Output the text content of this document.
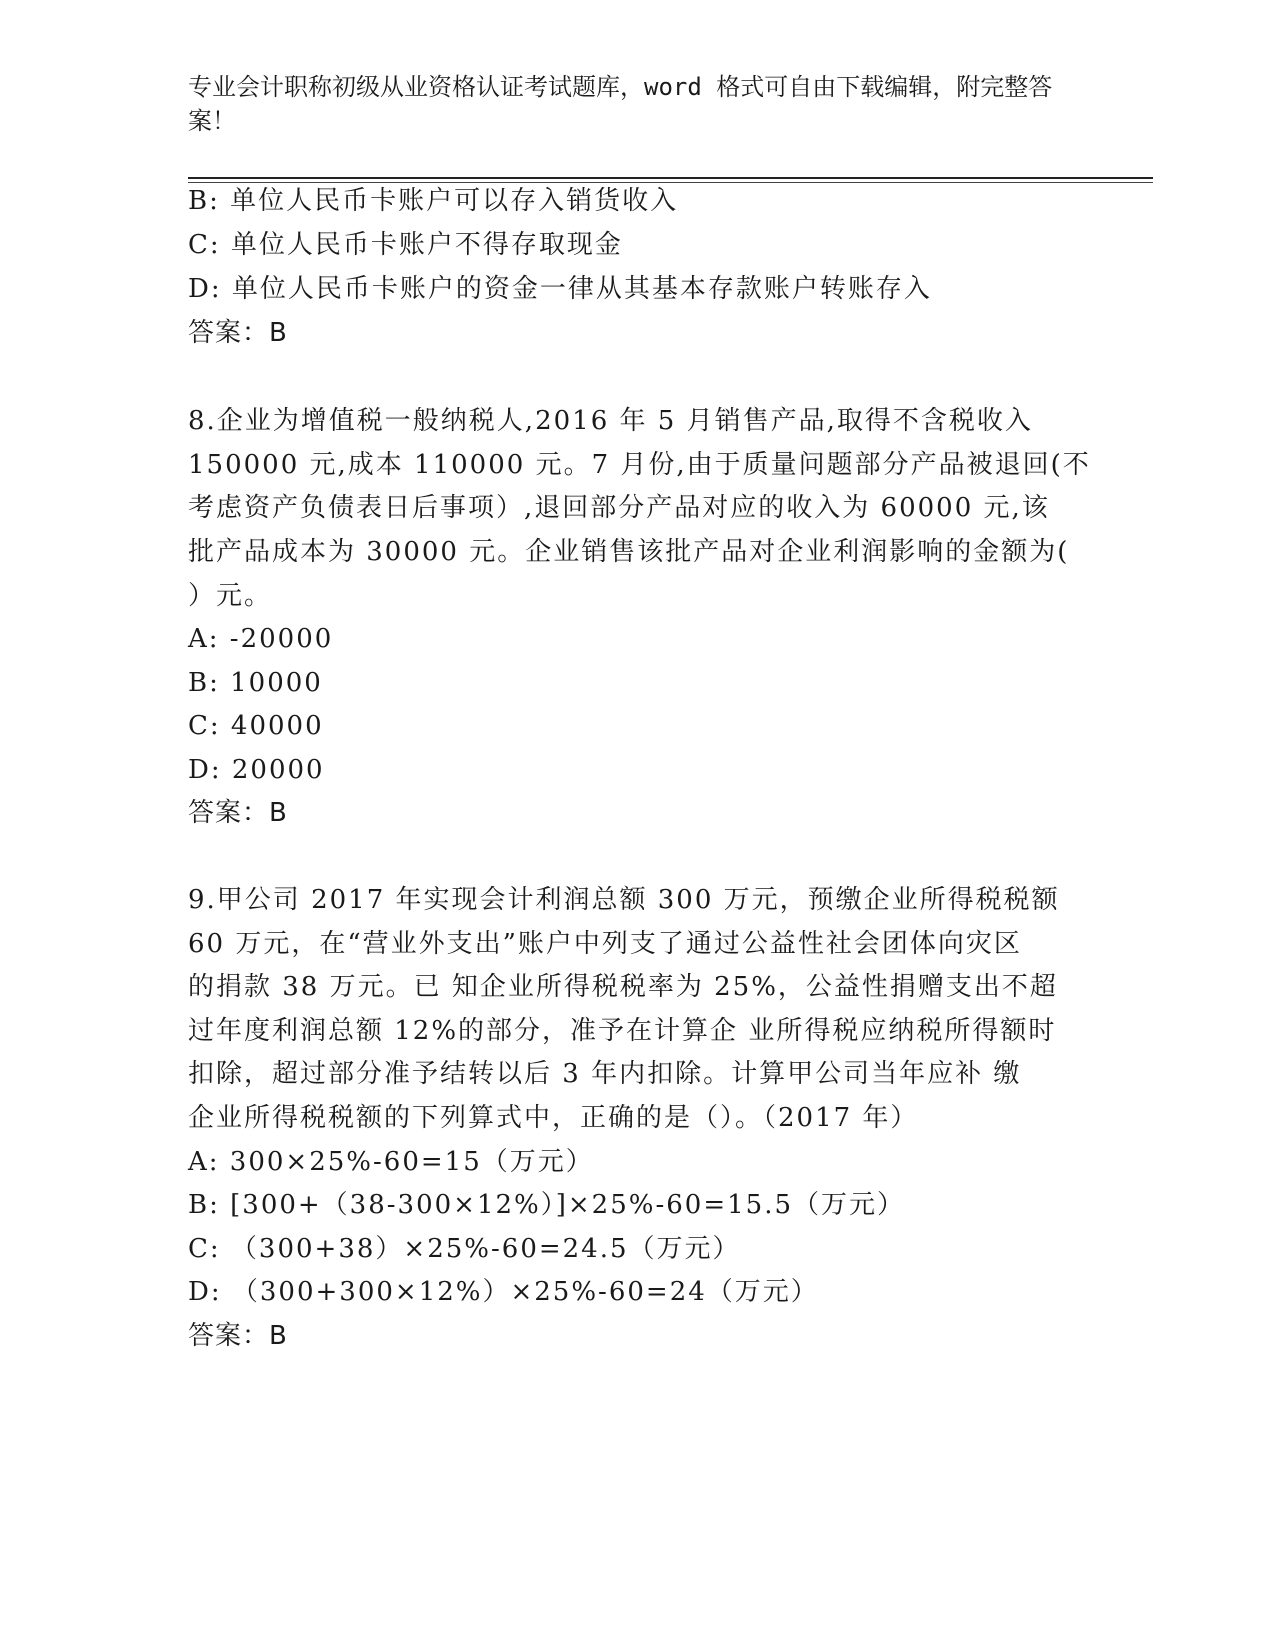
专业会计职称初级从业资格认证考试题库，word 格式可自由下载编辑，附完整答
案！
B: 单位人民币卡账户可以存入销货收入
C: 单位人民币卡账户不得存取现金
D: 单位人民币卡账户的资金一律从其基本存款账户转账存入
答案：B
8.企业为增值税一般纳税人,2016 年 5 月销售产品,取得不含税收入
150000 元,成本 110000 元。7 月份,由于质量问题部分产品被退回(不
考虑资产负债表日后事项）,退回部分产品对应的收入为 60000 元,该
批产品成本为 30000 元。企业销售该批产品对企业利润影响的金额为(
）元。
A: -20000
B: 10000
C: 40000
D: 20000
答案：B
9.甲公司 2017 年实现会计利润总额 300 万元，预缴企业所得税税额
60 万元，在“营业外支出”账户中列支了通过公益性社会团体向灾区
的捐款 38 万元。已 知企业所得税税率为 25%，公益性捐赠支出不超
过年度利润总额 12%的部分，准予在计算企 业所得税应纳税所得额时
扣除，超过部分准予结转以后 3 年内扣除。计算甲公司当年应补 缴
企业所得税税额的下列算式中，正确的是（）。（2017 年）
A: 300×25%-60=15（万元）
B: [300+（38-300×12%）]×25%-60=15.5（万元）
C: （300+38）×25%-60=24.5（万元）
D: （300+300×12%）×25%-60=24（万元）
答案：B
